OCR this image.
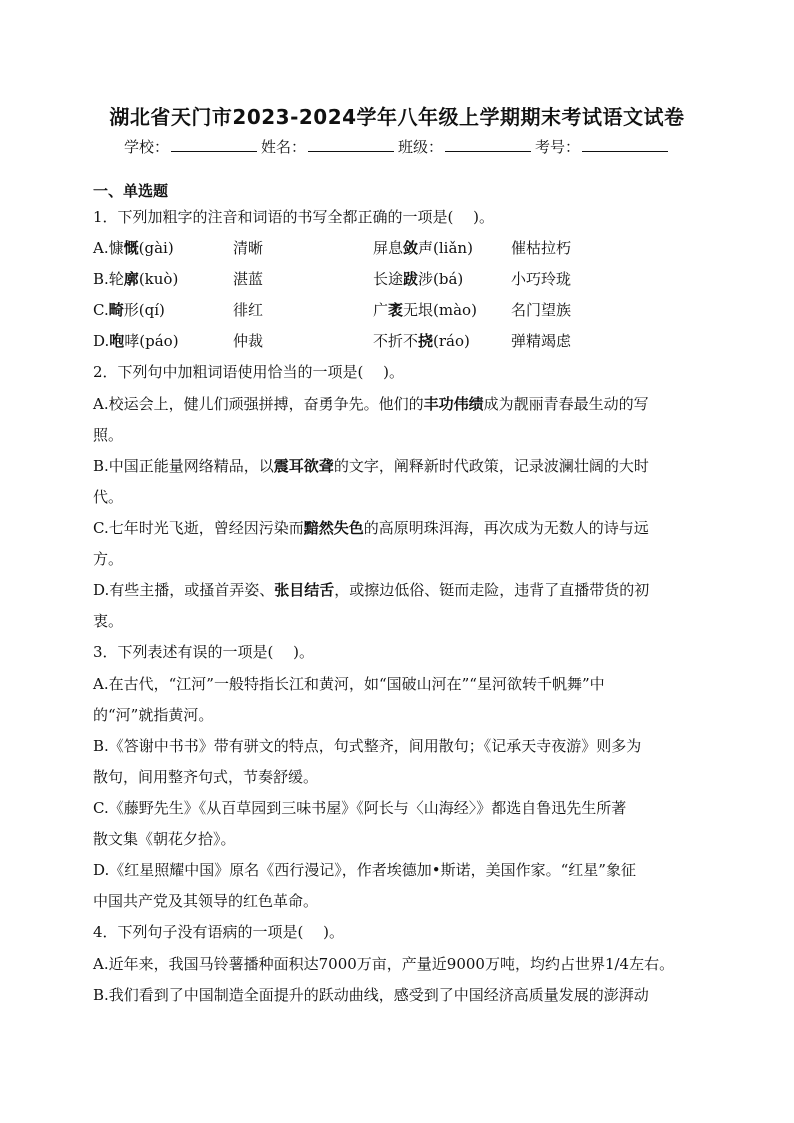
湖北省天门市2023-2024学年八年级上学期期末考试语文试卷
学校：	姓名：	班级：	考号：
一、单选题
1．下列加粗字的注音和词语的书写全都正确的一项是(　 )。
A.慷慨(gài)	清晰	屏息敛声(liǎn)	催枯拉朽
B.轮廓(kuò)	湛蓝	长途跋涉(bá)	小巧玲珑
C.畸形(qí)	徘红	广袤无垠(mào) 名门望族
D.咆哮(páo)	仲裁	不折不挠(ráo)	弹精竭虑
2．下列句中加粗词语使用恰当的一项是(　 )。
A.校运会上，健儿们顽强拼搏，奋勇争先。他们的丰功伟绩成为靓丽青春最生动的写
照。
B.中国正能量网络精品，以震耳欲聋的文字，阐释新时代政策，记录波澜壮阔的大时
代。
C.七年时光飞逝，曾经因污染而黯然失色的高原明珠洱海，再次成为无数人的诗与远
方。
D.有些主播，或搔首弄姿、张目结舌，或擦边低俗、铤而走险，违背了直播带货的初
衷。
3．下列表述有误的一项是(　 )。
A.在古代，“江河”一般特指长江和黄河，如“国破山河在”“星河欲转千帆舞”中
的“河”就指黄河。
B.《答谢中书书》带有骈文的特点，句式整齐，间用散句；《记承天寺夜游》则多为
散句，间用整齐句式，节奏舒缓。
C.《藤野先生》《从百草园到三味书屋》《阿长与〈山海经〉》都选自鲁迅先生所著
散文集《朝花夕拾》。
D.《红星照耀中国》原名《西行漫记》，作者埃德加•斯诺，美国作家。“红星”象征
中国共产党及其领导的红色革命。
4．下列句子没有语病的一项是(　 )。
A.近年来，我国马铃薯播种面积达7000万亩，产量近9000万吨，均约占世界1/4左右。
B.我们看到了中国制造全面提升的跃动曲线，感受到了中国经济高质量发展的澎湃动
